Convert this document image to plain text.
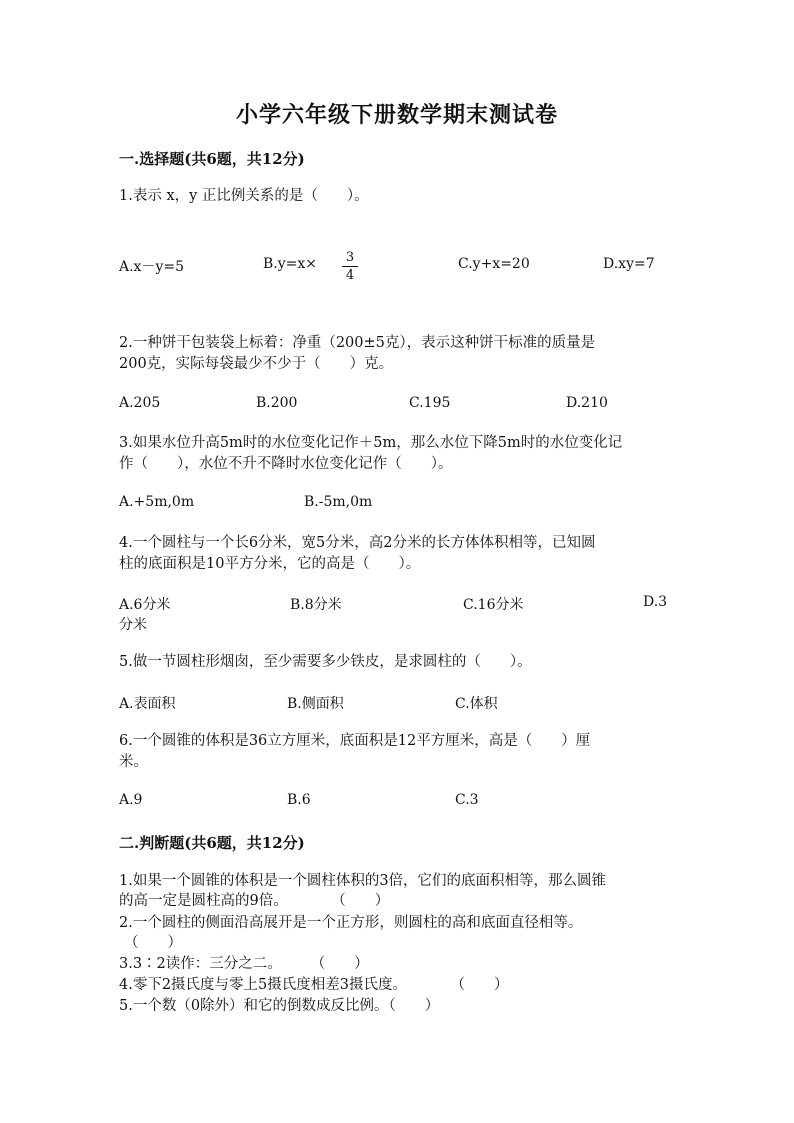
小学六年级下册数学期末测试卷
一.选择题(共6题，共12分)
1.表示 x，y 正比例关系的是（　　）。
A.x－y=5	B.y=x×	3
4
C.y+x=20	D.xy=7
2.一种饼干包装袋上标着：净重（200±5克），表示这种饼干标准的质量是
200克，实际每袋最少不少于（　　）克。
A.205	B.200	C.195	D.210
3.如果水位升高5m时的水位变化记作＋5m，那么水位下降5m时的水位变化记
作（　　），水位不升不降时水位变化记作（　　）。
A.+5m,0m	B.-5m,0m
4.一个圆柱与一个长6分米，宽5分米，高2分米的长方体体积相等，已知圆
柱的底面积是10平方分米，它的高是（　　）。
A.6分米	B.8分米	C.16分米	D.3
分米
5.做一节圆柱形烟囱，至少需要多少铁皮，是求圆柱的（　　）。
A.表面积	B.侧面积	C.体积
6.一个圆锥的体积是36立方厘米，底面积是12平方厘米，高是（　　）厘
米。
A.9	B.6	C.3
二.判断题(共6题，共12分)
1.如果一个圆锥的体积是一个圆柱体积的3倍，它们的底面积相等，那么圆锥
的高一定是圆柱高的9倍。　　　　（　　）
2.一个圆柱的侧面沿高展开是一个正方形，则圆柱的高和底面直径相等。
（　　）
3.3∶2读作：三分之二。　　　（　　）
4.零下2摄氏度与零上5摄氏度相差3摄氏度。　　　　（　　）
5.一个数（0除外）和它的倒数成反比例。（　　）
